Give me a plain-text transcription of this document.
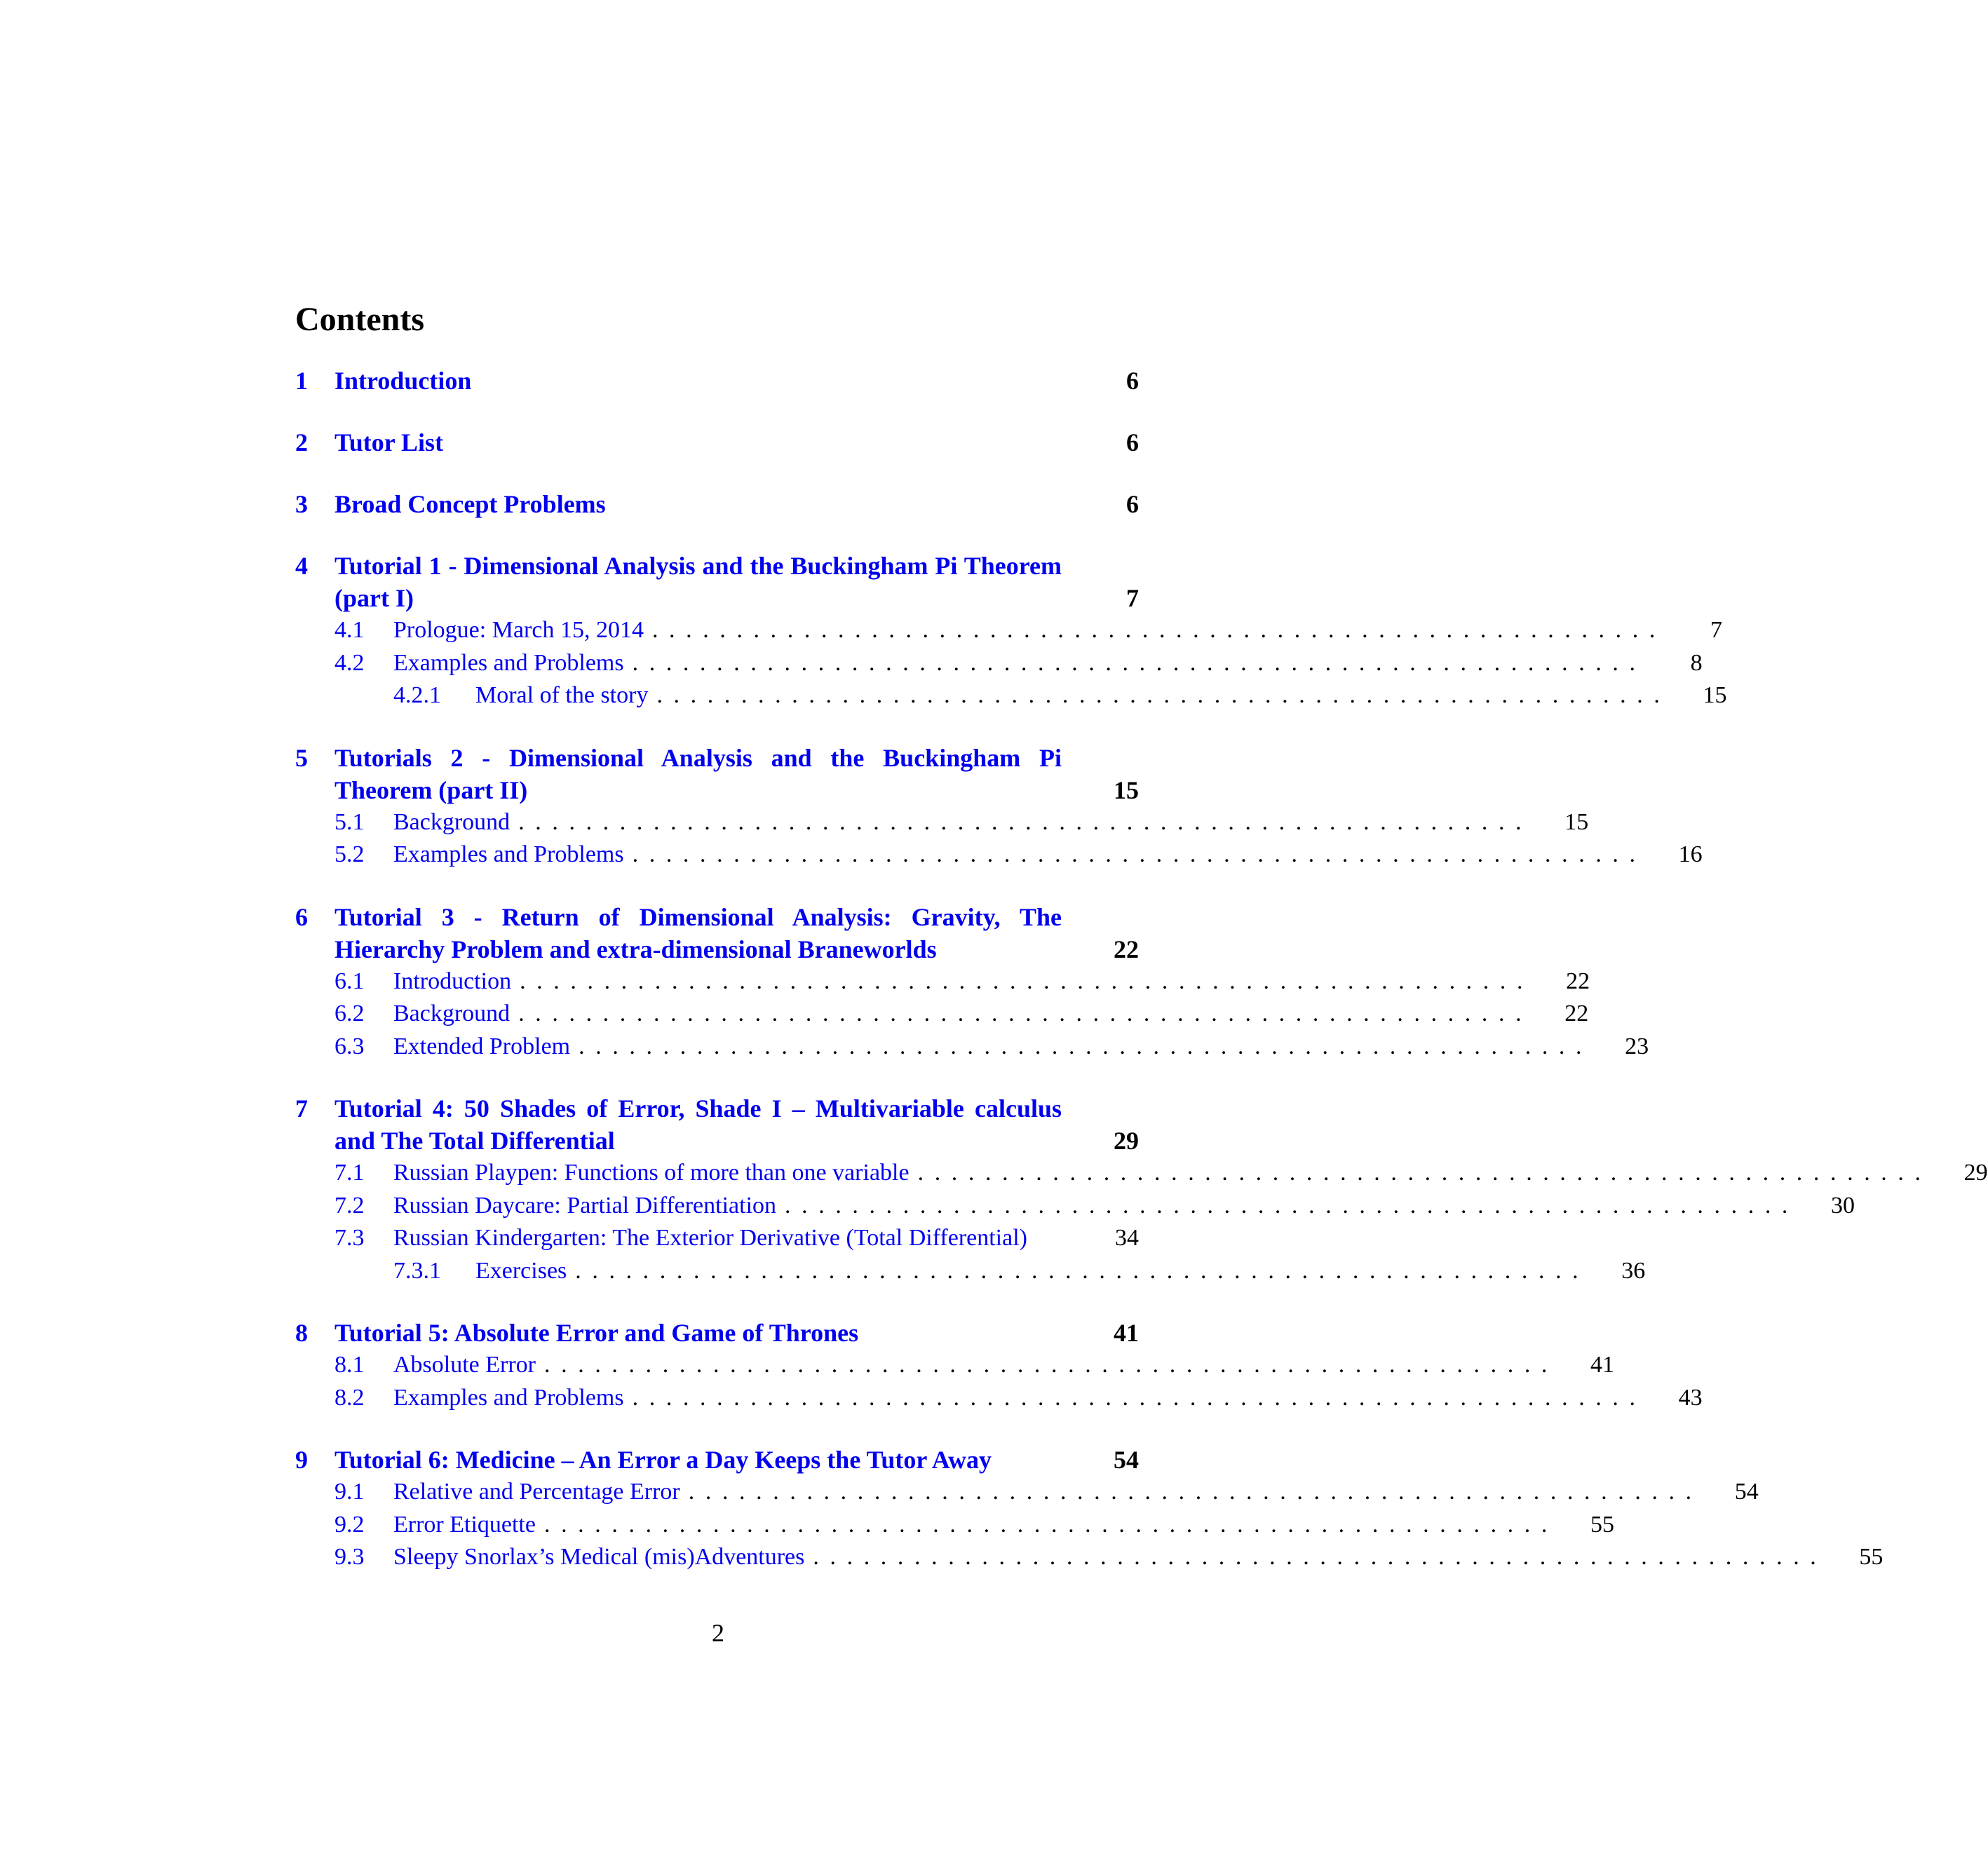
Contents
1	Introduction	6
2	Tutor List	6
3	Broad Concept Problems	6
4	Tutorial 1 - Dimensional Analysis and the Buckingham Pi Theorem (part I)	7
4.1	Prologue: March 15, 2014 ............................................................	7
4.2	Examples and Problems ............................................................	8
4.2.1	Moral of the story ............................................................	15
5	Tutorials 2 - Dimensional Analysis and the Buckingham Pi Theorem (part II)	15
5.1	Background ............................................................	15
5.2	Examples and Problems ............................................................	16
6	Tutorial 3 - Return of Dimensional Analysis: Gravity, The Hierarchy Problem and extra-dimensional Braneworlds	22
6.1	Introduction ............................................................	22
6.2	Background ............................................................	22
6.3	Extended Problem ............................................................	23
7	Tutorial 4: 50 Shades of Error, Shade I – Multivariable calculus and The Total Differential	29
7.1	Russian Playpen: Functions of more than one variable ............................................................	29
7.2	Russian Daycare: Partial Differentiation ............................................................	30
7.3	Russian Kindergarten: The Exterior Derivative (Total Differential)	34
7.3.1	Exercises ............................................................	36
8	Tutorial 5: Absolute Error and Game of Thrones	41
8.1	Absolute Error ............................................................	41
8.2	Examples and Problems ............................................................	43
9	Tutorial 6: Medicine – An Error a Day Keeps the Tutor Away	54
9.1	Relative and Percentage Error ............................................................	54
9.2	Error Etiquette ............................................................	55
9.3	Sleepy Snorlax’s Medical (mis)Adventures ............................................................	55
2
